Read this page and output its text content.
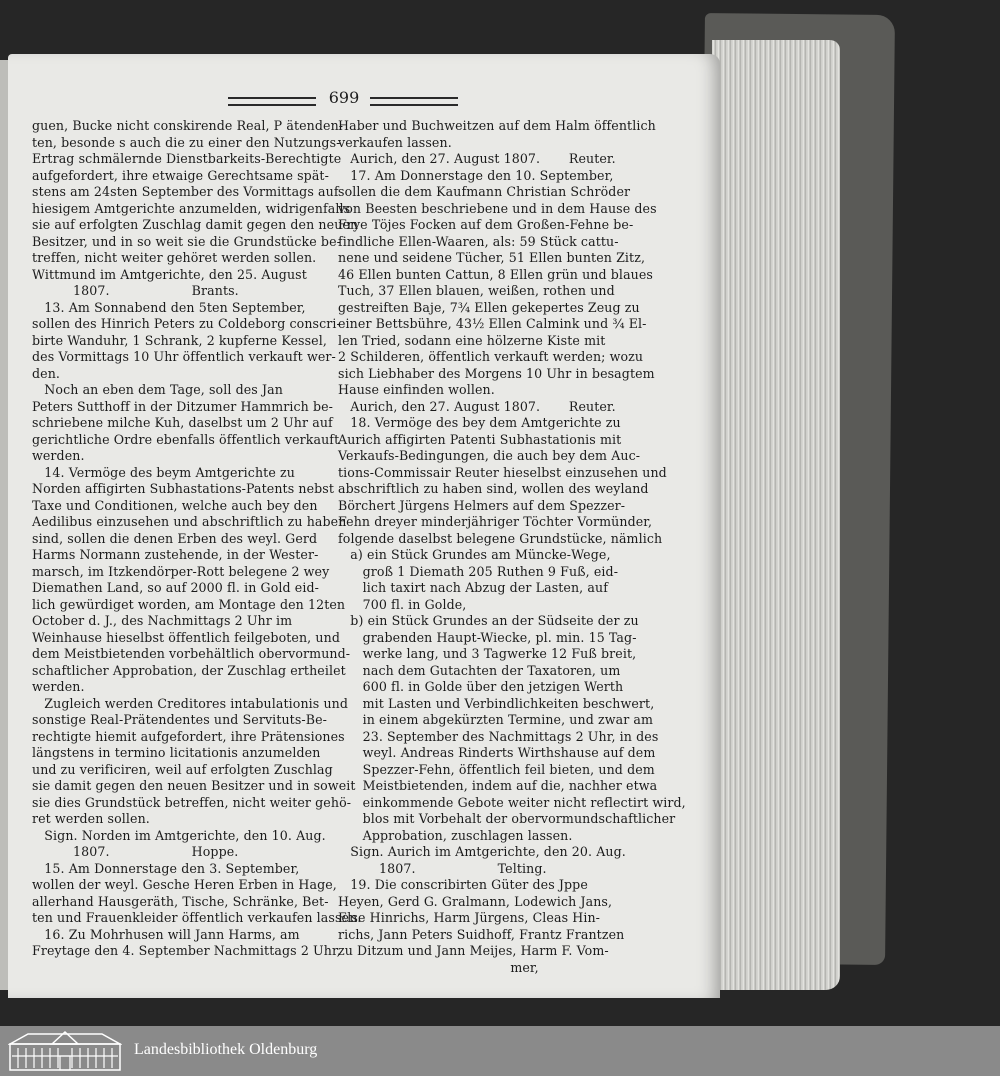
699
guen, Bucke nicht conskirende Real, P ätenden-
ten, besonde s auch die zu einer den Nutzungs-
Ertrag schmälernde Dienstbarkeits-Berechtigte
aufgefordert, ihre etwaige Gerechtsame spät-
stens am 24sten September des Vormittags auf
hiesigem Amtgerichte anzumelden, widrigenfalls
sie auf erfolgten Zuschlag damit gegen den neuen
Besitzer, und in so weit sie die Grundstücke be-
treffen, nicht weiter gehöret werden sollen.
Wittmund im Amtgerichte, den 25. August
1807.                    Brants.
13. Am Sonnabend den 5ten September,
sollen des Hinrich Peters zu Coldeborg conscri-
birte Wanduhr, 1 Schrank, 2 kupferne Kessel,
des Vormittags 10 Uhr öffentlich verkauft wer-
den.
Noch an eben dem Tage, soll des Jan
Peters Sutthoff in der Ditzumer Hammrich be-
schriebene milche Kuh, daselbst um 2 Uhr auf
gerichtliche Ordre ebenfalls öffentlich verkauft
werden.
14. Vermöge des beym Amtgerichte zu
Norden affigirten Subhastations-Patents nebst
Taxe und Conditionen, welche auch bey den
Aedilibus einzusehen und abschriftlich zu haben
sind, sollen die denen Erben des weyl. Gerd
Harms Normann zustehende, in der Wester-
marsch, im Itzkendörper-Rott belegene 2 wey
Diemathen Land, so auf 2000 fl. in Gold eid-
lich gewürdiget worden, am Montage den 12ten
October d. J., des Nachmittags 2 Uhr im
Weinhause hieselbst öffentlich feilgeboten, und
dem Meistbietenden vorbehältlich obervormund-
schaftlicher Approbation, der Zuschlag ertheilet
werden.
Zugleich werden Creditores intabulationis und
sonstige Real-Prätendentes und Servituts-Be-
rechtigte hiemit aufgefordert, ihre Prätensiones
längstens in termino licitationis anzumelden
und zu verificiren, weil auf erfolgten Zuschlag
sie damit gegen den neuen Besitzer und in soweit
sie dies Grundstück betreffen, nicht weiter gehö-
ret werden sollen.
Sign. Norden im Amtgerichte, den 10. Aug.
1807.                    Hoppe.
15. Am Donnerstage den 3. September,
wollen der weyl. Gesche Heren Erben in Hage,
allerhand Hausgeräth, Tische, Schränke, Bet-
ten und Frauenkleider öffentlich verkaufen lassen.
16. Zu Mohrhusen will Jann Harms, am
Freytage den 4. September Nachmittags 2 Uhr,
Haber und Buchweitzen auf dem Halm öffentlich
verkaufen lassen.
Aurich, den 27. August 1807.       Reuter.
17. Am Donnerstage den 10. September,
sollen die dem Kaufmann Christian Schröder
von Beesten beschriebene und in dem Hause des
Frye Töjes Focken auf dem Großen-Fehne be-
findliche Ellen-Waaren, als: 59 Stück cattu-
nene und seidene Tücher, 51 Ellen bunten Zitz,
46 Ellen bunten Cattun, 8 Ellen grün und blaues
Tuch, 37 Ellen blauen, weißen, rothen und
gestreiften Baje, 7¾ Ellen gekepertes Zeug zu
einer Bettsbühre, 43½ Ellen Calmink und ¾ El-
len Tried, sodann eine hölzerne Kiste mit
2 Schilderen, öffentlich verkauft werden; wozu
sich Liebhaber des Morgens 10 Uhr in besagtem
Hause einfinden wollen.
Aurich, den 27. August 1807.       Reuter.
18. Vermöge des bey dem Amtgerichte zu
Aurich affigirten Patenti Subhastationis mit
Verkaufs-Bedingungen, die auch bey dem Auc-
tions-Commissair Reuter hieselbst einzusehen und
abschriftlich zu haben sind, wollen des weyland
Börchert Jürgens Helmers auf dem Spezzer-
Fehn dreyer minderjähriger Töchter Vormünder,
folgende daselbst belegene Grundstücke, nämlich
a) ein Stück Grundes am Münckе-Wege,
groß 1 Diemath 205 Ruthen 9 Fuß, eid-
lich taxirt nach Abzug der Lasten, auf
700 fl. in Golde,
b) ein Stück Grundes an der Südseite der zu
grabenden Haupt-Wiecke, pl. min. 15 Tag-
werke lang, und 3 Tagwerke 12 Fuß breit,
nach dem Gutachten der Taxatoren, um
600 fl. in Golde über den jetzigen Werth
mit Lasten und Verbindlichkeiten beschwert,
in einem abgekürzten Termine, und zwar am
23. September des Nachmittags 2 Uhr, in des
weyl. Andreas Rinderts Wirthshause auf dem
Spezzer-Fehn, öffentlich feil bieten, und dem
Meistbietenden, indem auf die, nachher etwa
einkommende Gebote weiter nicht reflectirt wird,
blos mit Vorbehalt der obervormundschaftlicher
Approbation, zuschlagen lassen.
Sign. Aurich im Amtgerichte, den 20. Aug.
1807.                    Telting.
19. Die conscribirten Güter des Jppe
Heyen, Gerd G. Gralmann, Lodewich Jans,
Else Hinrichs, Harm Jürgens, Cleas Hin-
richs, Jann Peters Suidhoff, Frantz Frantzen
zu Ditzum und Jann Meiјes, Harm F. Vom-
mer,
Landesbibliothek Oldenburg
